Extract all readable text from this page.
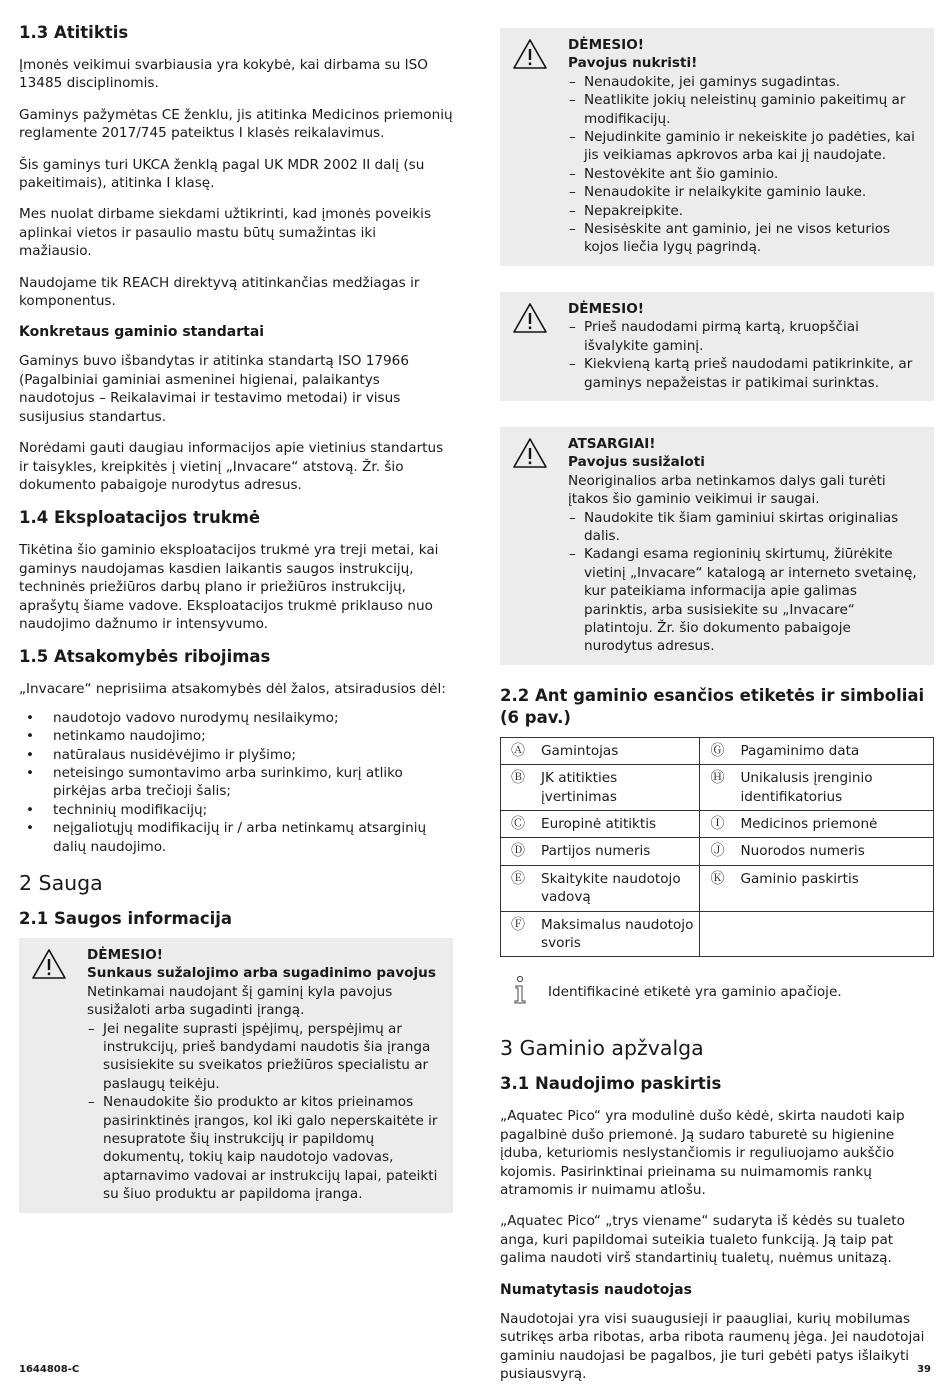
1.3 Atitiktis

Įmonės veikimui svarbiausia yra kokybė, kai dirbama su ISO 13485 disciplinomis.

Gaminys pažymėtas CE ženklu, jis atitinka Medicinos priemonių reglamente 2017/745 pateiktus I klasės reikalavimus.

Šis gaminys turi UKCA ženklą pagal UK MDR 2002 II dalį (su pakeitimais), atitinka I klasę.

Mes nuolat dirbame siekdami užtikrinti, kad įmonės poveikis aplinkai vietos ir pasaulio mastu būtų sumažintas iki mažiausio.

Naudojame tik REACH direktyvą atitinkančias medžiagas ir komponentus.

Konkretaus gaminio standartai

Gaminys buvo išbandytas ir atitinka standartą ISO 17966 (Pagalbiniai gaminiai asmeninei higienai, palaikantys naudotojus – Reikalavimai ir testavimo metodai) ir visus susijusius standartus.

Norėdami gauti daugiau informacijos apie vietinius standartus ir taisykles, kreipkitės į vietinį „Invacare“ atstovą. Žr. šio dokumento pabaigoje nurodytus adresus.

1.4 Eksploatacijos trukmė

Tikėtina šio gaminio eksploatacijos trukmė yra treji metai, kai gaminys naudojamas kasdien laikantis saugos instrukcijų, techninės priežiūros darbų plano ir priežiūros instrukcijų, aprašytų šiame vadove. Eksploatacijos trukmė priklauso nuo naudojimo dažnumo ir intensyvumo.

1.5 Atsakomybės ribojimas

„Invacare“ neprisiima atsakomybės dėl žalos, atsiradusios dėl:

• naudotojo vadovo nurodymų nesilaikymo;
• netinkamo naudojimo;
• natūralaus nusidėvėjimo ir plyšimo;
• neteisingo sumontavimo arba surinkimo, kurį atliko pirkėjas arba trečioji šalis;
• techninių modifikacijų;
• neįgaliotųjų modifikacijų ir / arba netinkamų atsarginių dalių naudojimo.
2 Sauga
2.1 Saugos informacija
DĖMESIO!
Sunkaus sužalojimo arba sugadinimo pavojus
Netinkamai naudojant šį gaminį kyla pavojus susižaloti arba sugadinti įrangą.
– Jei negalite suprasti įspėjimų, perspėjimų ar instrukcijų, prieš bandydami naudotis šia įranga susisiekite su sveikatos priežiūros specialistu ar paslaugų teikėju.
– Nenaudokite šio produkto ar kitos prieinamos pasirinktinės įrangos, kol iki galo neperskaitėte ir nesupratote šių instrukcijų ir papildomų dokumentų, tokių kaip naudotojo vadovas, aptarnavimo vadovai ar instrukcijų lapai, pateikti su šiuo produktu ar papildoma įranga.
DĖMESIO!
Pavojus nukristi!
– Nenaudokite, jei gaminys sugadintas.
– Neatlikite jokių neleistinų gaminio pakeitimų ar modifikacijų.
– Nejudinkite gaminio ir nekeiskite jo padėties, kai jis veikiamas apkrovos arba kai jį naudojate.
– Nestovėkite ant šio gaminio.
– Nenaudokite ir nelaikykite gaminio lauke.
– Nepakreipkite.
– Nesisėskite ant gaminio, jei ne visos keturios kojos liečia lygų pagrindą.
DĖMESIO!
– Prieš naudodami pirmą kartą, kruopščiai išvalykite gaminį.
– Kiekvieną kartą prieš naudodami patikrinkite, ar gaminys nepažeistas ir patikimai surinktas.
ATSARGIAI!
Pavojus susižaloti
Neoriginalios arba netinkamos dalys gali turėti įtakos šio gaminio veikimui ir saugai.
– Naudokite tik šiam gaminiui skirtas originalias dalis.
– Kadangi esama regioninių skirtumų, žiūrėkite vietinį „Invacare“ katalogą ar interneto svetainę, kur pateikiama informacija apie galimas parinktis, arba susisiekite su „Invacare“ platintoju. Žr. šio dokumento pabaigoje nurodytus adresus.
2.2 Ant gaminio esančios etiketės ir simboliai (6 pav.)
Ⓐ	Gamintojas	Ⓖ	Pagaminimo data
Ⓑ	JK atitikties įvertinimas	Ⓗ	Unikalusis įrenginio identifikatorius
Ⓒ	Europinė atitiktis	Ⓘ	Medicinos priemonė
Ⓓ	Partijos numeris	Ⓙ	Nuorodos numeris
Ⓔ	Skaitykite naudotojo vadovą	Ⓚ	Gaminio paskirtis
Ⓕ	Maksimalus naudotojo svoris		
Identifikacinė etiketė yra gaminio apačioje.
3 Gaminio apžvalga
3.1 Naudojimo paskirtis

„Aquatec Pico“ yra modulinė dušo kėdė, skirta naudoti kaip pagalbinė dušo priemonė. Ją sudaro taburetė su higienine įduba, keturiomis neslystančiomis ir reguliuojamo aukščio kojomis. Pasirinktinai prieinama su nuimamomis rankų atramomis ir nuimamu atlošu.

„Aquatec Pico“ „trys viename“ sudaryta iš kėdės su tualeto anga, kuri papildomai suteikia tualeto funkciją. Ją taip pat galima naudoti virš standartinių tualetų, nuėmus unitazą.

Numatytasis naudotojas

Naudotojai yra visi suaugusieji ir paaugliai, kurių mobilumas sutrikęs arba ribotas, arba ribota raumenų jėga. Jei naudotojai gaminiu naudojasi be pagalbos, jie turi gebėti patys išlaikyti pusiausvyrą.

1644808-C	39
